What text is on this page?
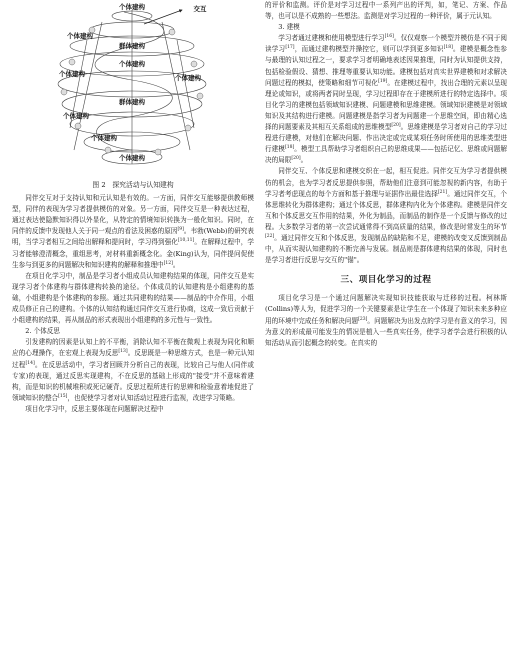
个体建构	交互
个体建构
群体建构
个体建构
个体建构	个体建构
群体建构
个体建构
个体建构
个体建构

图 2　探究活动与认知建构

同伴交互对于支持认知和元认知是有效的。一方面，同伴交互能够提供教师模型，同伴的表现为学习者提供模仿的对象。另一方面，同伴交互是一种表达过程，通过表达使隐默知识得以外显化，从特定的情境知识转换为一般化知识。同时，在同伴的反馈中发现他人关于同一观点的看法及困惑的原因[9]。韦勃(Webb)的研究表明，当学习者相互之间给出解释和提问时，学习得到强化[10,11]。在解释过程中，学习者能够澄清概念，重组思考，对材料重新概念化。金(King)认为，同伴提问促使生参与到更多的问题解决和知识建构的解释和推理中[12]。

在项目化学习中，制品是学习者小组成员认知建构结果的体现，同伴交互是实现学习者个体建构与群体建构转换的途径。个体成员的认知建构是小组建构的基础，小组建构是个体建构的参照。通过共同建构的结果——制品的中介作用，小组成员修正自己的建构。个体的认知结构通过同伴交互进行协商，这成一致后贡献于小组建构的结果，再从制品的形式表现出小组建构的多元性与一致性。

2. 个体反思

引发建构的因素是认知上的不平衡，消除认知不平衡在微观上表现为同化和顺应的心理操作，在宏观上表现为反思[13]。反思既是一种思维方式，也是一种元认知过程[14]。在反思活动中，学习者回顾并分析自己的表现，比较自己与他人(同伴或专家)的表现，通过反思实现建构，不在反思的基础上形成的"接受"并不意味着建构，而是知识的机械堆积或死记硬背。反思过程所进行的思辨和检验意着地促进了领域知识的整合[15]，也促使学习者对认知活动过程进行监视，改进学习策略。

项目化学习中，反思主要体现在问题解决过程中

的评价和监测。评价是对学习过程中一系列产出的评判，如，笔记、方案、作品等，也可以是不成熟的一些想法。监测是对学习过程的一种评价，属于元认知。

3. 建模

学习者通过建模和使用模型进行学习[16]。仅仅观察一个模型并模仿是不同于阅读学习[17]，而通过建构模型并操控它，则可以学到更多知识[18]。建模是概念性参与最理的认知过程之一，要求学习者明确地表述因果推理，同时为认知提供支持，包括检验假设、猜想、推理等重要认知功能。建模包括对真实世界建模和对求解决问题过程的模拟，使策略和细节可视化[19]。在建模过程中，找出合理的元素以呈现理论或知识，或将两者同时呈现，学习过程即存在于建模所进行的特定选择中。项目化学习的建模包括领域知识建模、问题建模和思维建模。领域知识建模是对领域知识及其结构进行建模。问题建模是指学习者为问题建一个思维空间，即由精心选择的问题要素及其相互关系组成的思维模型[20]。思维建模是学习者对自己的学习过程进行建模，对他们在解决问题、作出决定或完成某项任务时所使用的思维类型进行建模[18]。模型工具帮助学习者组织自己的思维成果——包括记忆、思维或问题解决的局限[20]。

同伴交互、个体反思和建模交织在一起，相互促进。同伴交互为学习者提供模仿的机会，也为学习者反思提供参照，帮助他们注意到可能忽视的新内容，有助于学习者考虑现点的每个方面和基于推理与证据作出最佳选择[21]。通过同伴交互，个体思维转化为群体建构；通过个体反思，群体建构内化为个体建构。建模是同伴交互和个体反思交互作用的结果，外化为制品，而制品的制作是一个反馈与修改的过程。大多数学习者的第一次尝试通常得不到高质量的结果，修改是时常发生的环节[22]。通过同伴交互和个体反思，发现制品的缺陷和不足，建模的改变又反馈到制品中，从而实现认知建构的不断完善与发展。制品则是群体建构结果的体现，同时也是学习者进行反思与交互的"锚"。

三、项目化学习的过程

项目化学习是一个通过问题解决实现知识技能获取与迁移的过程。柯林斯(Collins)等人为，促进学习的一个关键要素是让学生在一个体现了知识未来多种应用的环境中完成任务和解决问题[23]。问题解决为出发点的学习是有意义的学习，因为意义的形成最可能发生的情况是植入一些真实任务，使学习者学会进行积极的认知活动从而引起概念的转变。在真实的
